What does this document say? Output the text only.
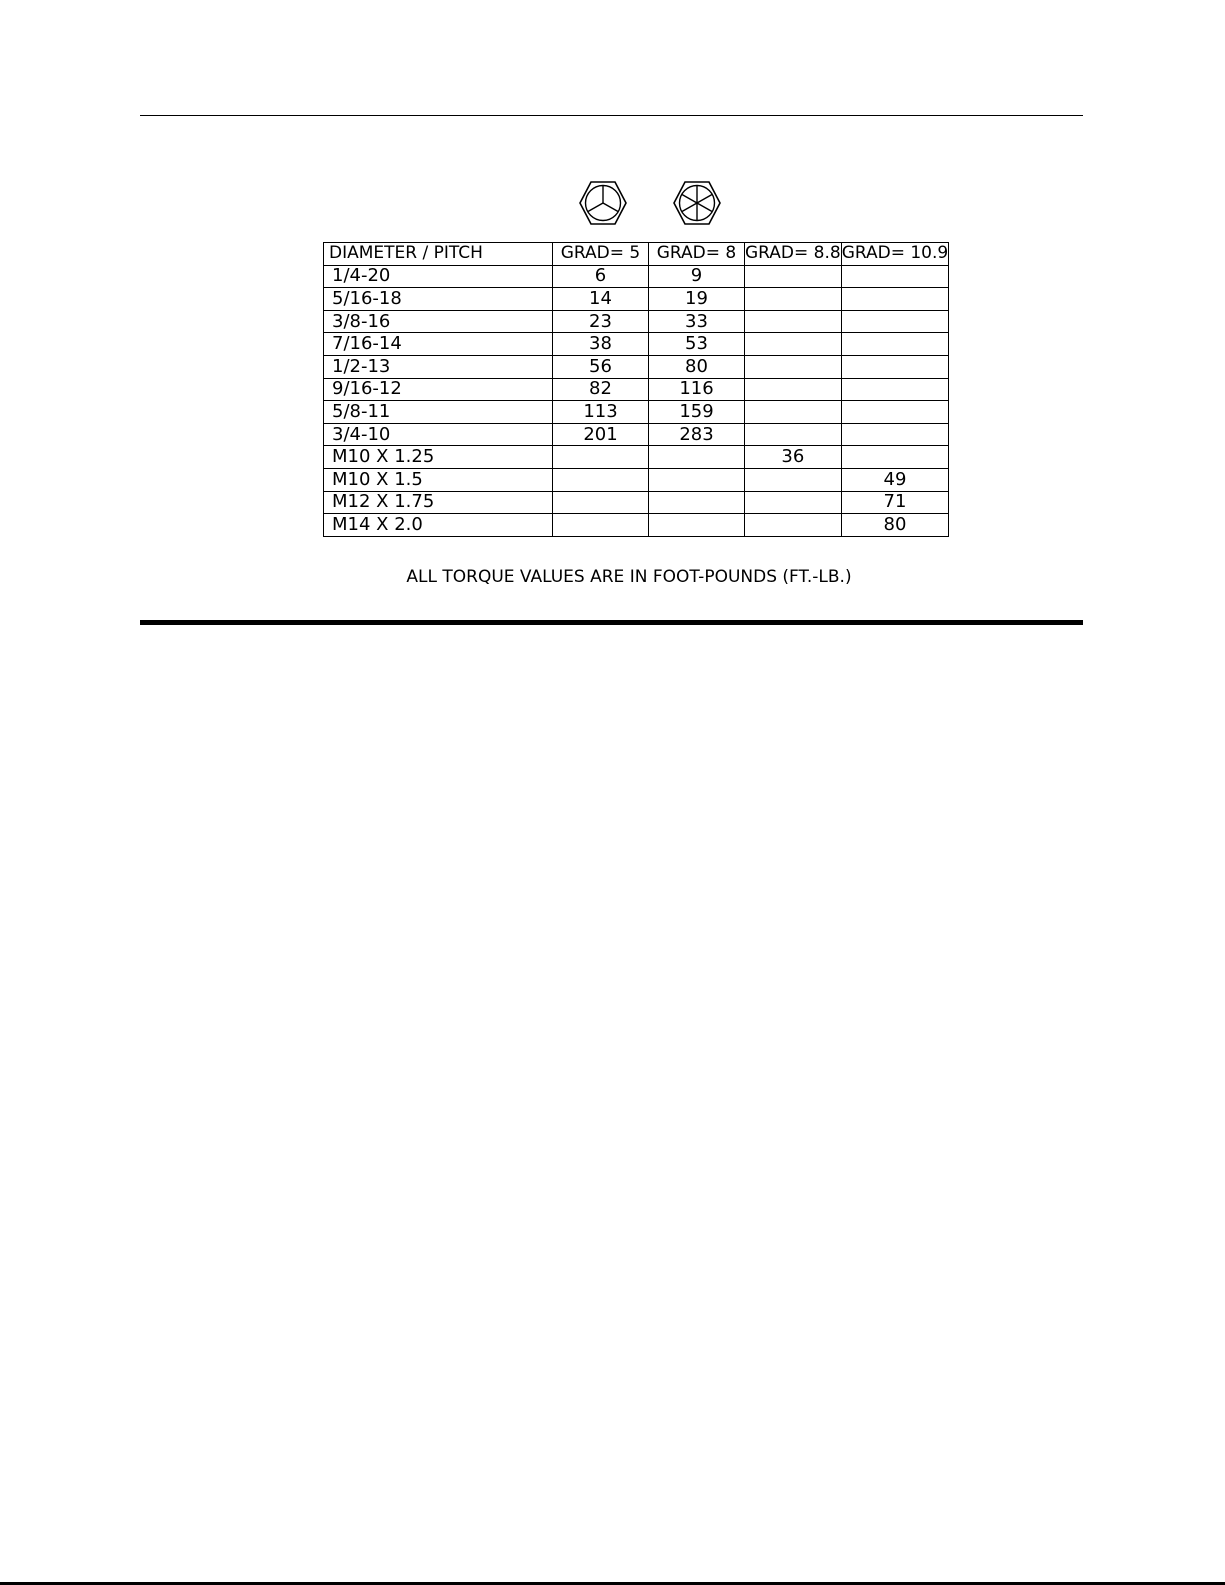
DIAMETER / PITCH	GRAD= 5	GRAD= 8	GRAD= 8.8	GRAD= 10.9
1/4-20	6	9		
5/16-18	14	19		
3/8-16	23	33		
7/16-14	38	53		
1/2-13	56	80		
9/16-12	82	116		
5/8-11	113	159		
3/4-10	201	283		
M10 X 1.25			36	
M10 X 1.5				49
M12 X 1.75				71
M14 X 2.0				80
ALL TORQUE VALUES ARE IN FOOT-POUNDS (FT.-LB.)
